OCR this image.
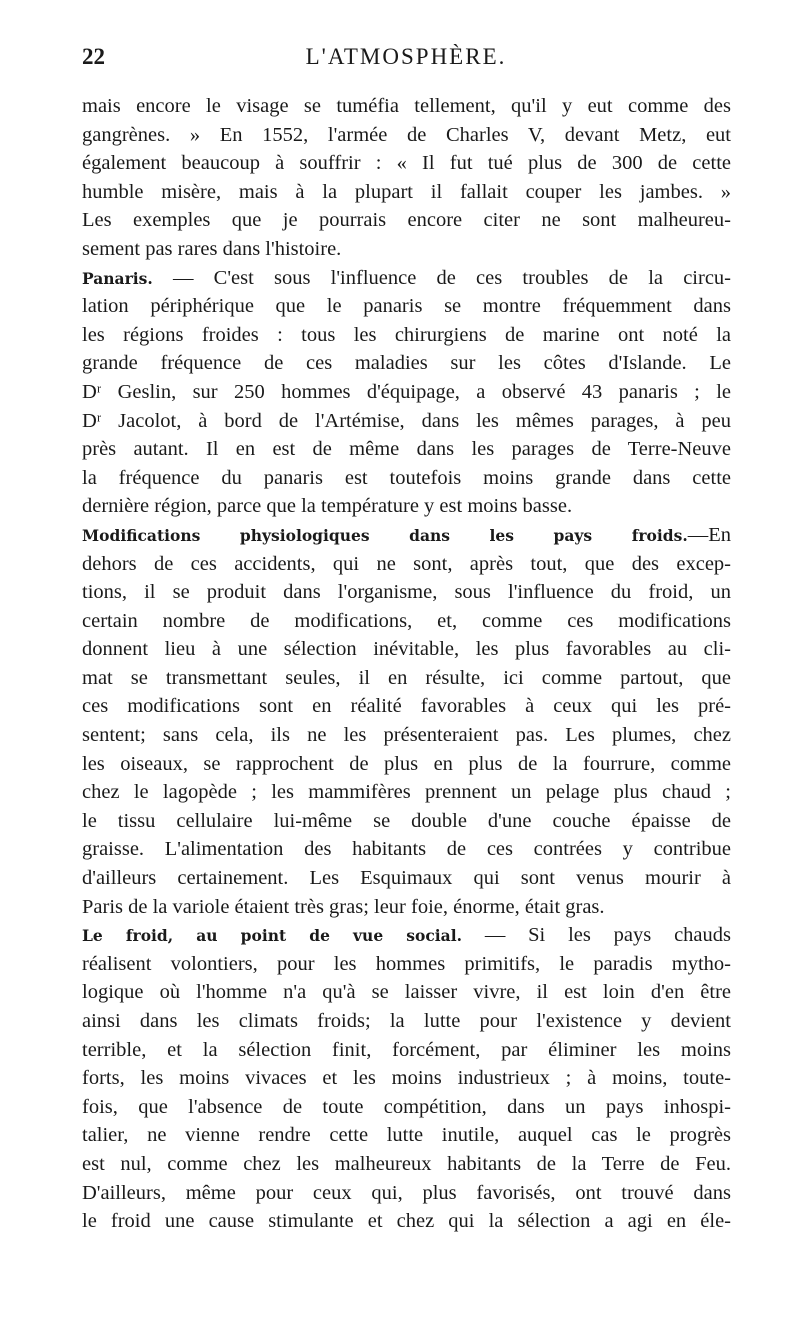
22	L'ATMOSPHÈRE.
mais encore le visage se tuméfia tellement, qu'il y eut comme des
gangrènes. » En 1552, l'armée de Charles V, devant Metz, eut
également beaucoup à souffrir : « Il fut tué plus de 300 de cette
humble misère, mais à la plupart il fallait couper les jambes. »
Les exemples que je pourrais encore citer ne sont malheureu-
sement pas rares dans l'histoire.
Panaris. — C'est sous l'influence de ces troubles de la circu-
lation périphérique que le panaris se montre fréquemment dans
les régions froides : tous les chirurgiens de marine ont noté la
grande fréquence de ces maladies sur les côtes d'Islande. Le
Dʳ Geslin, sur 250 hommes d'équipage, a observé 43 panaris ; le
Dʳ Jacolot, à bord de l'Artémise, dans les mêmes parages, à peu
près autant. Il en est de même dans les parages de Terre-Neuve
la fréquence du panaris est toutefois moins grande dans cette
dernière région, parce que la température y est moins basse.
Modifications physiologiques dans les pays froids.—En
dehors de ces accidents, qui ne sont, après tout, que des excep-
tions, il se produit dans l'organisme, sous l'influence du froid, un
certain nombre de modifications, et, comme ces modifications
donnent lieu à une sélection inévitable, les plus favorables au cli-
mat se transmettant seules, il en résulte, ici comme partout, que
ces modifications sont en réalité favorables à ceux qui les pré-
sentent; sans cela, ils ne les présenteraient pas. Les plumes, chez
les oiseaux, se rapprochent de plus en plus de la fourrure, comme
chez le lagopède ; les mammifères prennent un pelage plus chaud ;
le tissu cellulaire lui-même se double d'une couche épaisse de
graisse. L'alimentation des habitants de ces contrées y contribue
d'ailleurs certainement. Les Esquimaux qui sont venus mourir à
Paris de la variole étaient très gras; leur foie, énorme, était gras.
Le froid, au point de vue social. — Si les pays chauds
réalisent volontiers, pour les hommes primitifs, le paradis mytho-
logique où l'homme n'a qu'à se laisser vivre, il est loin d'en être
ainsi dans les climats froids; la lutte pour l'existence y devient
terrible, et la sélection finit, forcément, par éliminer les moins
forts, les moins vivaces et les moins industrieux ; à moins, toute-
fois, que l'absence de toute compétition, dans un pays inhospi-
talier, ne vienne rendre cette lutte inutile, auquel cas le progrès
est nul, comme chez les malheureux habitants de la Terre de Feu.
D'ailleurs, même pour ceux qui, plus favorisés, ont trouvé dans
le froid une cause stimulante et chez qui la sélection a agi en éle-
